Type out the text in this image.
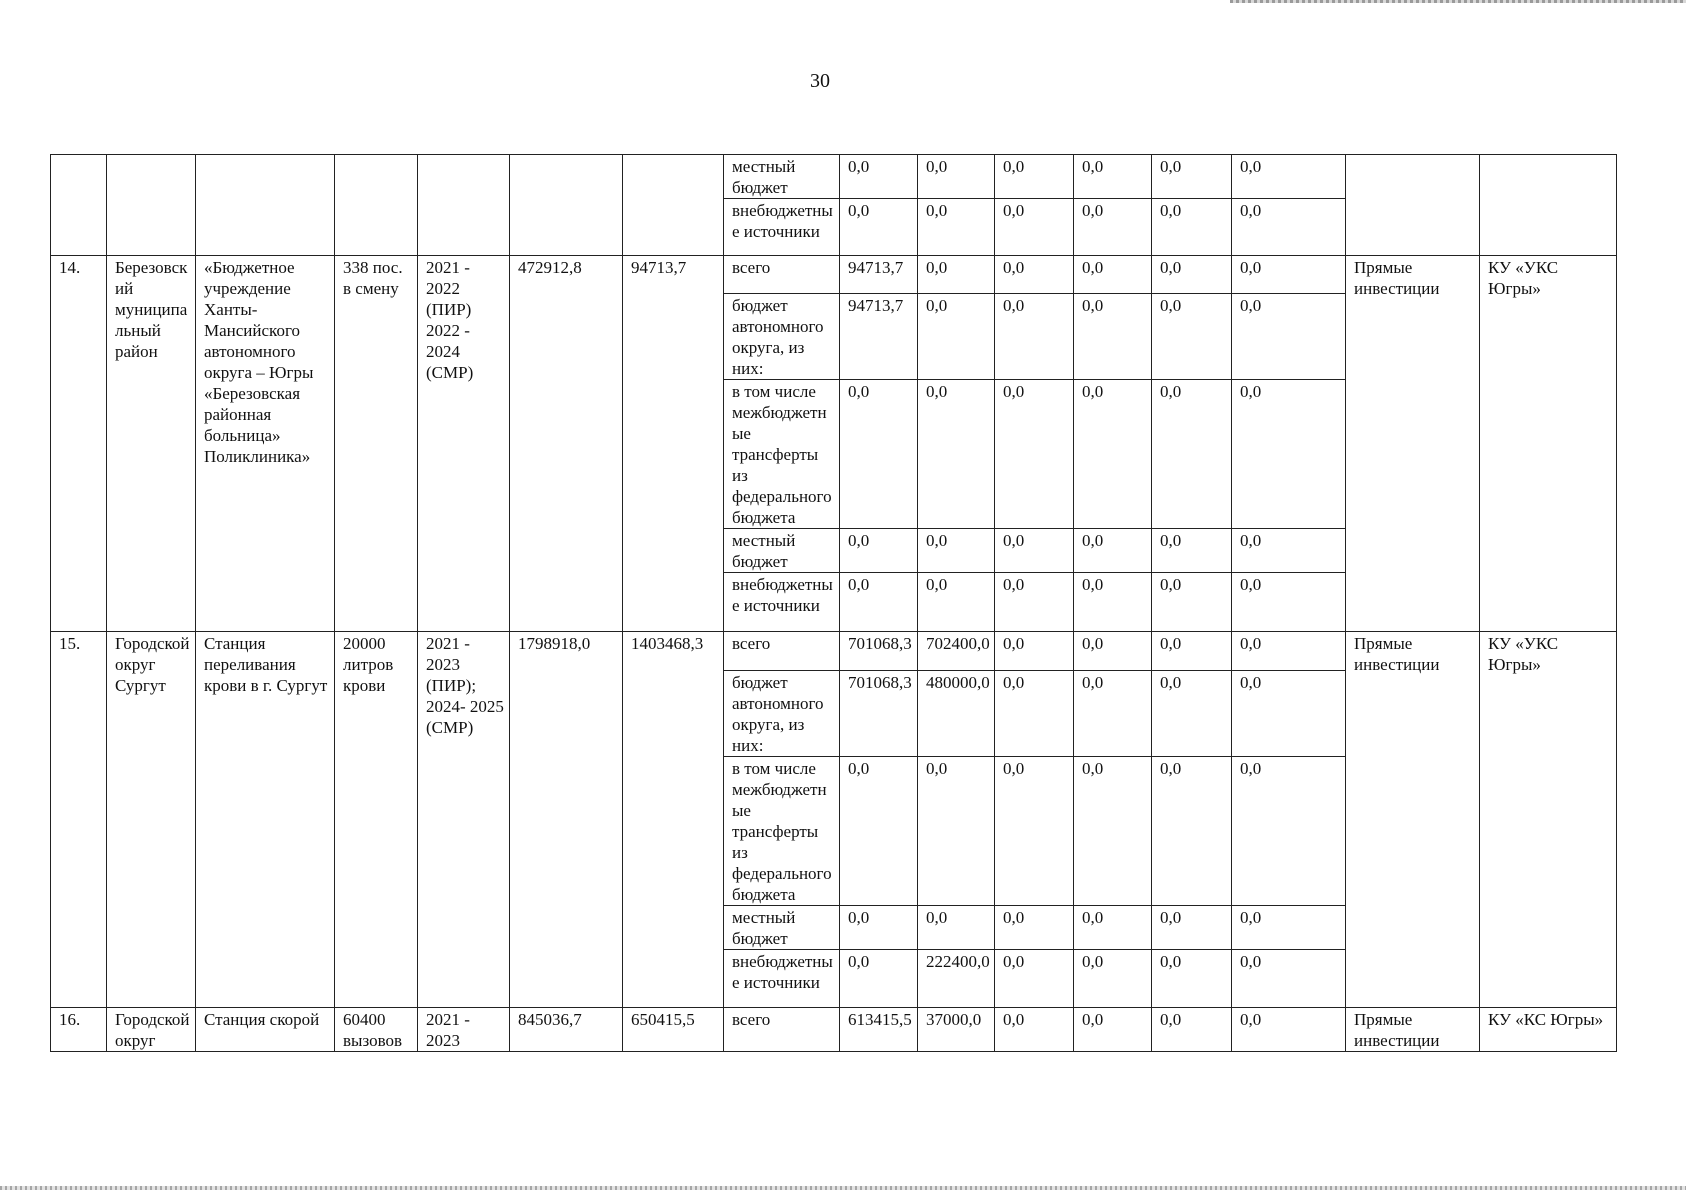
30
							местный бюджет	0,0	0,0	0,0	0,0	0,0	0,0		
							внебюджетные источники	0,0	0,0	0,0	0,0	0,0	0,0		
14.	Березовский муниципальный район	«Бюджетное учреждение Ханты-Мансийского автономного округа – Югры «Березовская районная больница» Поликлиника»	338 пос. в смену	2021 - 2022 (ПИР) 2022 - 2024 (СМР)	472912,8	94713,7	всего	94713,7	0,0	0,0	0,0	0,0	0,0	Прямые инвестиции	КУ «УКС Югры»
							бюджет автономного округа, из них:	94713,7	0,0	0,0	0,0	0,0	0,0		
							в том числе межбюджетные трансферты из федерального бюджета	0,0	0,0	0,0	0,0	0,0	0,0		
							местный бюджет	0,0	0,0	0,0	0,0	0,0	0,0		
							внебюджетные источники	0,0	0,0	0,0	0,0	0,0	0,0		
15.	Городской округ Сургут	Станция переливания крови в г. Сургут	20000 литров крови	2021 - 2023 (ПИР); 2024- 2025 (СМР)	1798918,0	1403468,3	всего	701068,3	702400,0	0,0	0,0	0,0	0,0	Прямые инвестиции	КУ «УКС Югры»
							бюджет автономного округа, из них:	701068,3	480000,0	0,0	0,0	0,0	0,0		
							в том числе межбюджетные трансферты из федерального бюджета	0,0	0,0	0,0	0,0	0,0	0,0		
							местный бюджет	0,0	0,0	0,0	0,0	0,0	0,0		
							внебюджетные источники	0,0	222400,0	0,0	0,0	0,0	0,0		
16.	Городской округ	Станция скорой	60400 вызовов	2021 - 2023	845036,7	650415,5	всего	613415,5	37000,0	0,0	0,0	0,0	0,0	Прямые инвестиции	КУ «КС Югры»
